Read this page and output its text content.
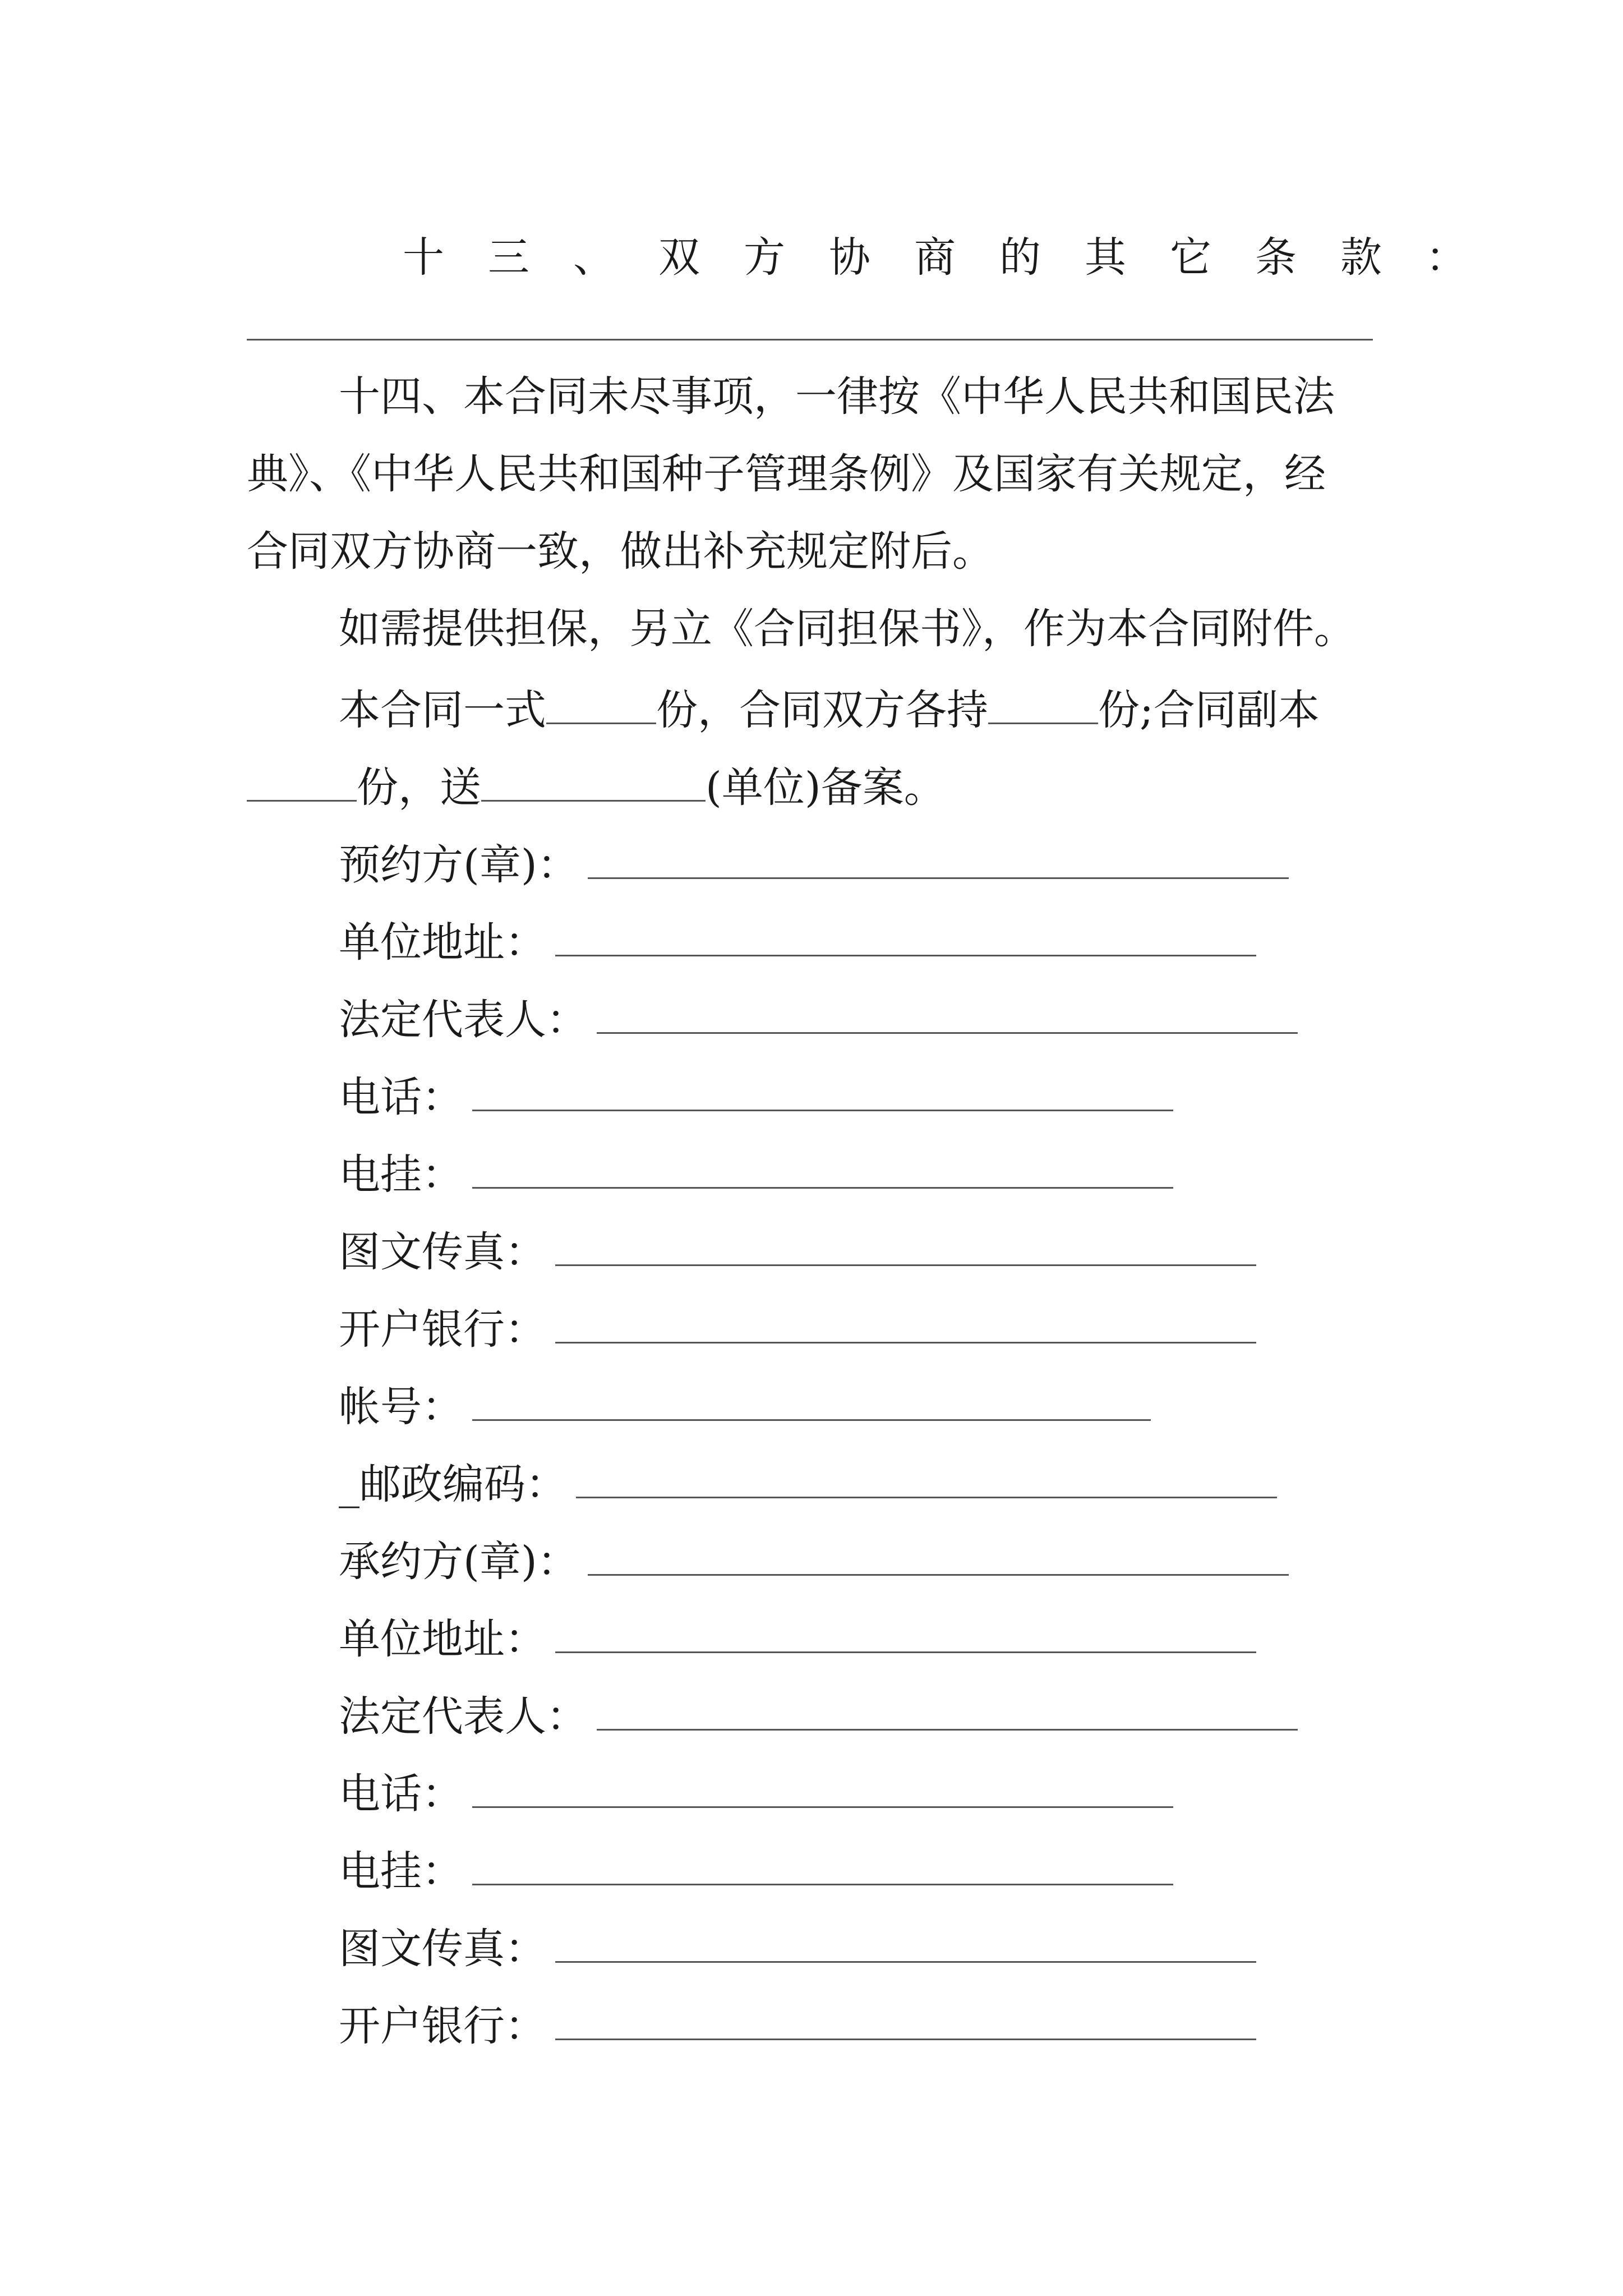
十三、双方协商的其它条款：
十四、本合同未尽事项，一律按《中华人民共和国民法
典》、《中华人民共和国种子管理条例》及国家有关规定，经
合同双方协商一致，做出补充规定附后。
如需提供担保，另立《合同担保书》，作为本合同附件。
本合同一式	份，合同双方各持	份;合同副本
份，送	(单位)备案。
预约方(章)：
单位地址：
法定代表人：
电话：
电挂：
图文传真：
开户银行：
帐号：
_邮政编码：
承约方(章)：
单位地址：
法定代表人：
电话：
电挂：
图文传真：
开户银行：
